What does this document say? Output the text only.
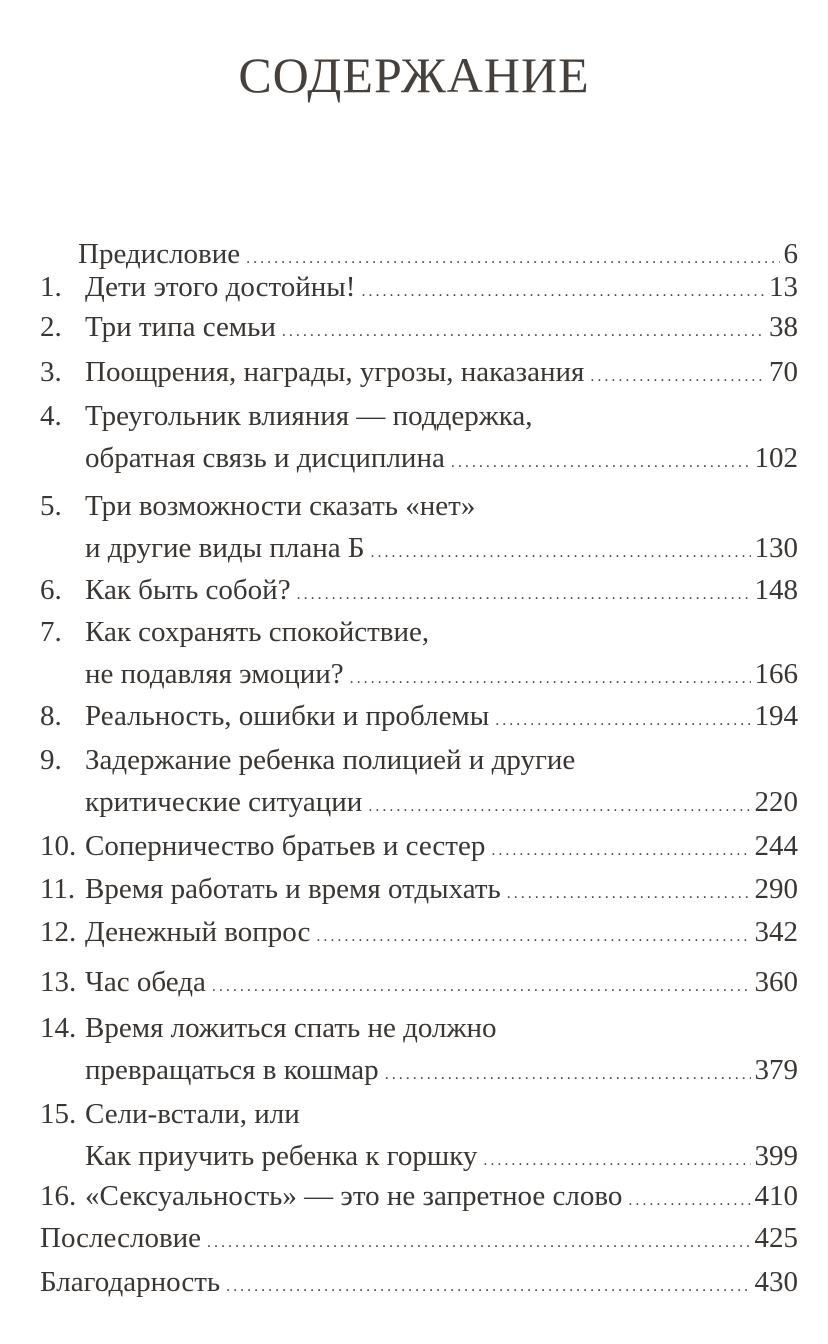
СОДЕРЖАНИЕ
Предисловие .....	6
1. Дети этого достойны! .....	13
2. Три типа семьи .....	38
3. Поощрения, награды, угрозы, наказания .....	70
4. Треугольник влияния — поддержка,
обратная связь и дисциплина .....	102
5. Три возможности сказать «нет»
и другие виды плана Б .....	130
6. Как быть собой? .....	148
7. Как сохранять спокойствие,
не подавляя эмоции? .....	166
8. Реальность, ошибки и проблемы .....	194
9. Задержание ребенка полицией и другие
критические ситуации .....	220
10. Соперничество братьев и сестер .....	244
11. Время работать и время отдыхать .....	290
12. Денежный вопрос .....	342
13. Час обеда .....	360
14. Время ложиться спать не должно
превращаться в кошмар .....	379
15. Сели-встали, или
Как приучить ребенка к горшку .....	399
16. «Сексуальность» — это не запретное слово .....	410
Послесловие .....	425
Благодарность .....	430
